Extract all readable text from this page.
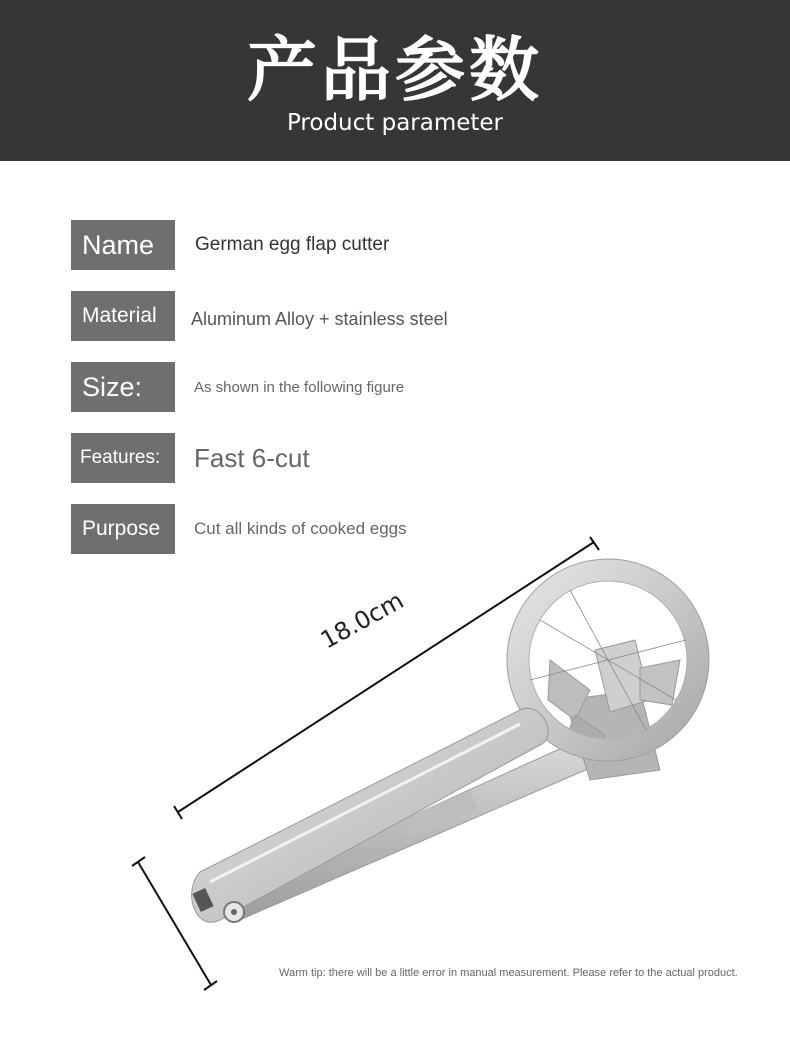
产品参数
Product parameter
Name	German egg flap cutter
Material	Aluminum Alloy + stainless steel
Size:	As shown in the following figure
Features:	Fast 6-cut
Purpose	Cut all kinds of cooked eggs
18.0cm
Warm tip: there will be a little error in manual measurement. Please refer to the actual product.
